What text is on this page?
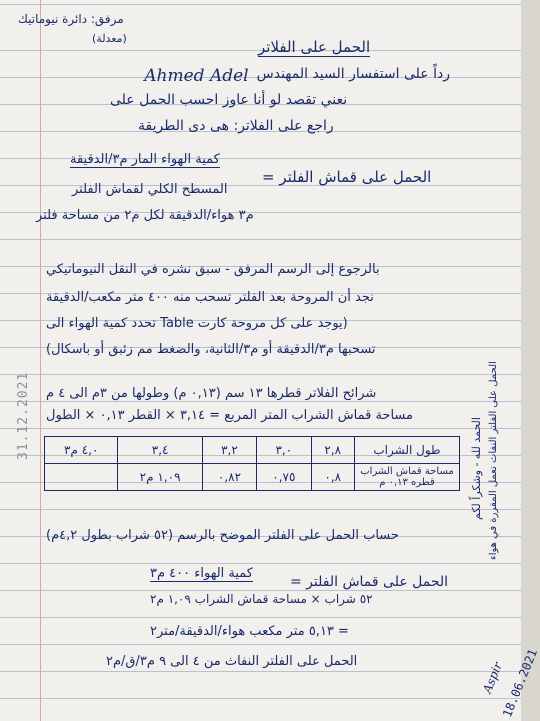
مرفق: دائرة نيوماتيك
(معدلة)	الحمل على الفلاتر
رداً على استفسار السيد المهندس
Ahmed Adel
نعني تقصد لو أنا عاوز احسب الحمل على
راجع على الفلاتر: هى دى الطريقة
الحمل على قماش الفلتر =
كمية الهواء المار م٣/الدقيقة
المسطح الكلي لقماش الفلتر
م٣ هواء/الدقيقة لكل م٢ من مساحة فلتر
بالرجوع إلى الرسم المرفق - سبق نشره في النقل النيوماتيكي
نجد أن المروحة بعد الفلتر تسحب منه ٤٠٠ متر مكعب/الدقيقة
(يوجد على كل مروحة كارت Table تحدد كمية الهواء الى
تسحبها م٣/الدقيقة أو م٣/الثانية، والضغط مم زئبق أو باسكال)
شرائح الفلاتر قطرها ١٣ سم (٠,١٣ م) وطولها من ٣م الى ٤ م
مساحة قماش الشراب المتر المربع = ٣,١٤ × القطر ٠,١٣ × الطول
طول الشراب	٢,٨	٣,٠	٣,٢	٣,٤	٤,٠ م٣
مساحة قماش الشراب قطره ٠,١٣ م	٠,٨	٠,٧٥	٠,٨٢	١,٠٩ م٢	
حساب الحمل على الفلتر الموضح بالرسم (٥٢ شراب بطول ٤,٢م)
الحمل على قماش الفلتر =
كمية الهواء ٤٠٠ م٣
٥٢ شراب × مساحة قماش الشراب ١,٠٩ م٢
= ٥,١٣ متر مكعب هواء/الدقيقة/متر٢
الحمل على الفلتر النفاث من ٤ الى ٩ م٣/ق/م٢
31.12.2021
الحمد لله - وشكراً لكم الحمل على الفلتر النفاث تعمل المقررة في هواء
18.06.2021
Aspir
